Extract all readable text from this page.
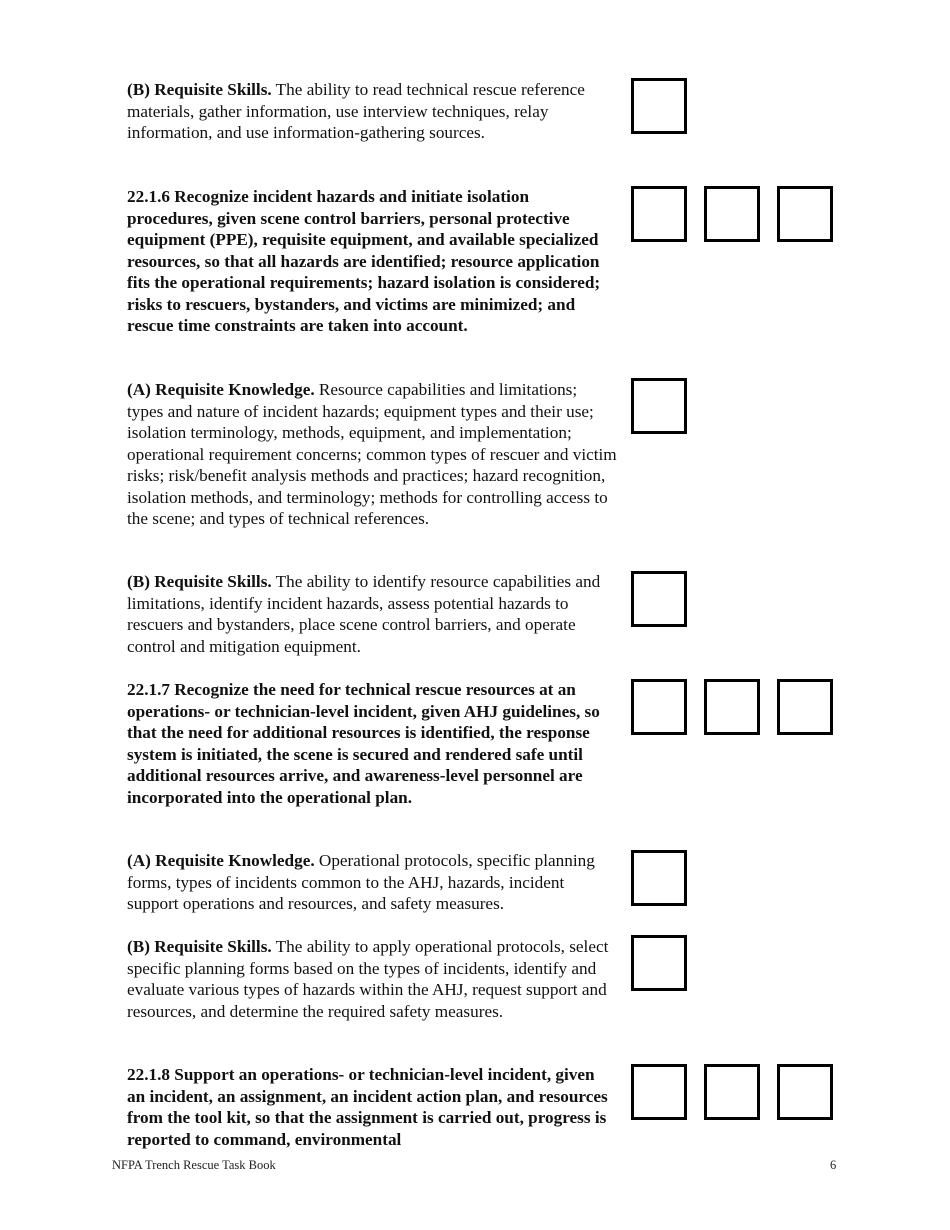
(B) Requisite Skills. The ability to read technical rescue reference materials, gather information, use interview techniques, relay information, and use information-gathering sources.

22.1.6 Recognize incident hazards and initiate isolation procedures, given scene control barriers, personal protective equipment (PPE), requisite equipment, and available specialized resources, so that all hazards are identified; resource application fits the operational requirements; hazard isolation is considered; risks to rescuers, bystanders, and victims are minimized; and rescue time constraints are taken into account.

(A) Requisite Knowledge. Resource capabilities and limitations; types and nature of incident hazards; equipment types and their use; isolation terminology, methods, equipment, and implementation; operational requirement concerns; common types of rescuer and victim risks; risk/benefit analysis methods and practices; hazard recognition, isolation methods, and terminology; methods for controlling access to the scene; and types of technical references.

(B) Requisite Skills. The ability to identify resource capabilities and limitations, identify incident hazards, assess potential hazards to rescuers and bystanders, place scene control barriers, and operate control and mitigation equipment.

22.1.7 Recognize the need for technical rescue resources at an operations- or technician-level incident, given AHJ guidelines, so that the need for additional resources is identified, the response system is initiated, the scene is secured and rendered safe until additional resources arrive, and awareness-level personnel are incorporated into the operational plan.

(A) Requisite Knowledge. Operational protocols, specific planning forms, types of incidents common to the AHJ, hazards, incident support operations and resources, and safety measures.

(B) Requisite Skills. The ability to apply operational protocols, select specific planning forms based on the types of incidents, identify and evaluate various types of hazards within the AHJ, request support and resources, and determine the required safety measures.

22.1.8 Support an operations- or technician-level incident, given an incident, an assignment, an incident action plan, and resources from the tool kit, so that the assignment is carried out, progress is reported to command, environmental

NFPA Trench Rescue Task Book	6
